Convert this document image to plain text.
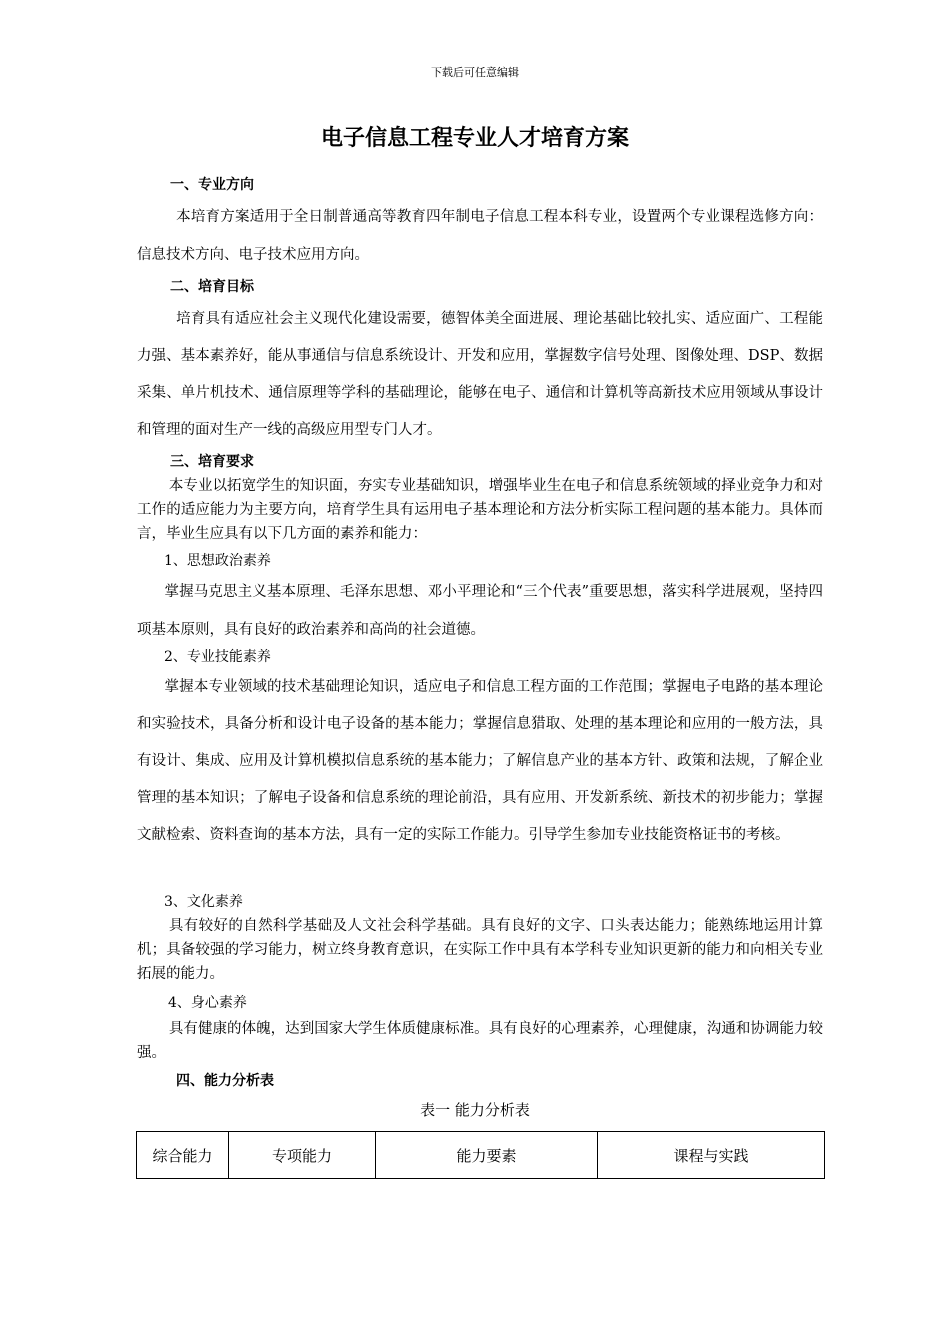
下载后可任意编辑
电子信息工程专业人才培育方案
一、专业方向

本培育方案适用于全日制普通高等教育四年制电子信息工程本科专业，设置两个专业课程选修方向：信息技术方向、电子技术应用方向。

二、培育目标

培育具有适应社会主义现代化建设需要，德智体美全面进展、理论基础比较扎实、适应面广、工程能力强、基本素养好，能从事通信与信息系统设计、开发和应用，掌握数字信号处理、图像处理、DSP、数据采集、单片机技术、通信原理等学科的基础理论，能够在电子、通信和计算机等高新技术应用领域从事设计和管理的面对生产一线的高级应用型专门人才。

三、培育要求

本专业以拓宽学生的知识面，夯实专业基础知识，增强毕业生在电子和信息系统领域的择业竞争力和对工作的适应能力为主要方向，培育学生具有运用电子基本理论和方法分析实际工程问题的基本能力。具体而言，毕业生应具有以下几方面的素养和能力：

1、思想政治素养

掌握马克思主义基本原理、毛泽东思想、邓小平理论和“三个代表”重要思想，落实科学进展观，坚持四项基本原则，具有良好的政治素养和高尚的社会道德。

2、专业技能素养

掌握本专业领域的技术基础理论知识，适应电子和信息工程方面的工作范围；掌握电子电路的基本理论和实验技术，具备分析和设计电子设备的基本能力；掌握信息猎取、处理的基本理论和应用的一般方法，具有设计、集成、应用及计算机模拟信息系统的基本能力；了解信息产业的基本方针、政策和法规，了解企业管理的基本知识；了解电子设备和信息系统的理论前沿，具有应用、开发新系统、新技术的初步能力；掌握文献检索、资料查询的基本方法，具有一定的实际工作能力。引导学生参加专业技能资格证书的考核。

3、文化素养

具有较好的自然科学基础及人文社会科学基础。具有良好的文字、口头表达能力；能熟练地运用计算机；具备较强的学习能力，树立终身教育意识，在实际工作中具有本学科专业知识更新的能力和向相关专业拓展的能力。

4、身心素养

具有健康的体魄，达到国家大学生体质健康标准。具有良好的心理素养，心理健康，沟通和协调能力较强。

四、能力分析表
表一 能力分析表
综合能力	专项能力	能力要素	课程与实践
